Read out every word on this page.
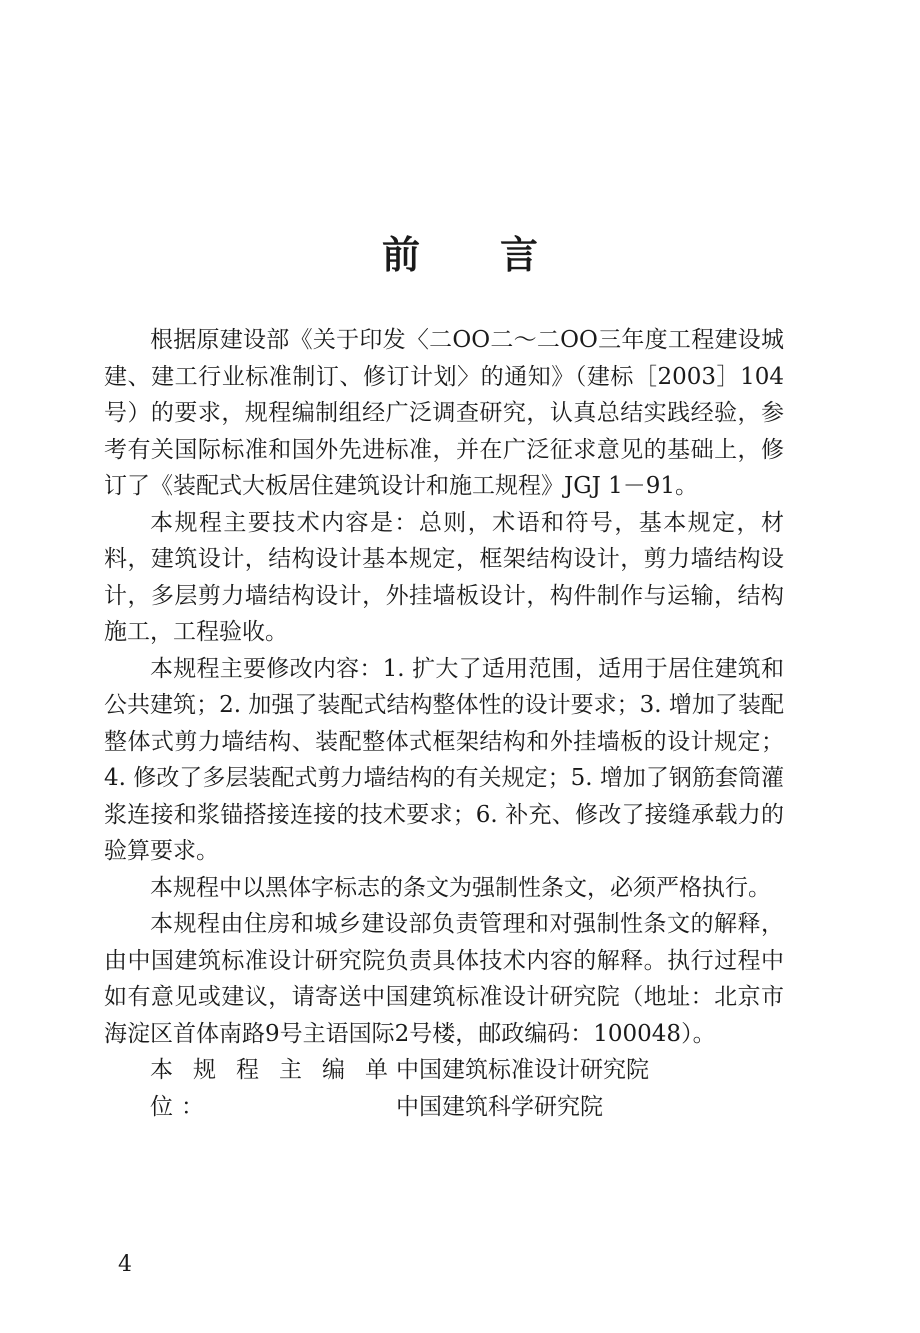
前 言

根据原建设部《关于印发〈二OO二～二OO三年度工程建设城建、建工行业标准制订、修订计划〉的通知》（建标［2003］104号）的要求，规程编制组经广泛调查研究，认真总结实践经验，参考有关国际标准和国外先进标准，并在广泛征求意见的基础上，修订了《装配式大板居住建筑设计和施工规程》JGJ 1－91。

本规程主要技术内容是：总则，术语和符号，基本规定，材料，建筑设计，结构设计基本规定，框架结构设计，剪力墙结构设计，多层剪力墙结构设计，外挂墙板设计，构件制作与运输，结构施工，工程验收。

本规程主要修改内容：1. 扩大了适用范围，适用于居住建筑和公共建筑；2. 加强了装配式结构整体性的设计要求；3. 增加了装配整体式剪力墙结构、装配整体式框架结构和外挂墙板的设计规定；4. 修改了多层装配式剪力墙结构的有关规定；5. 增加了钢筋套筒灌浆连接和浆锚搭接连接的技术要求；6. 补充、修改了接缝承载力的验算要求。

本规程中以黑体字标志的条文为强制性条文，必须严格执行。

本规程由住房和城乡建设部负责管理和对强制性条文的解释，由中国建筑标准设计研究院负责具体技术内容的解释。执行过程中如有意见或建议，请寄送中国建筑标准设计研究院（地址：北京市海淀区首体南路9号主语国际2号楼，邮政编码：100048）。

本规程主编单位：
中国建筑标准设计研究院
中国建筑科学研究院
4
